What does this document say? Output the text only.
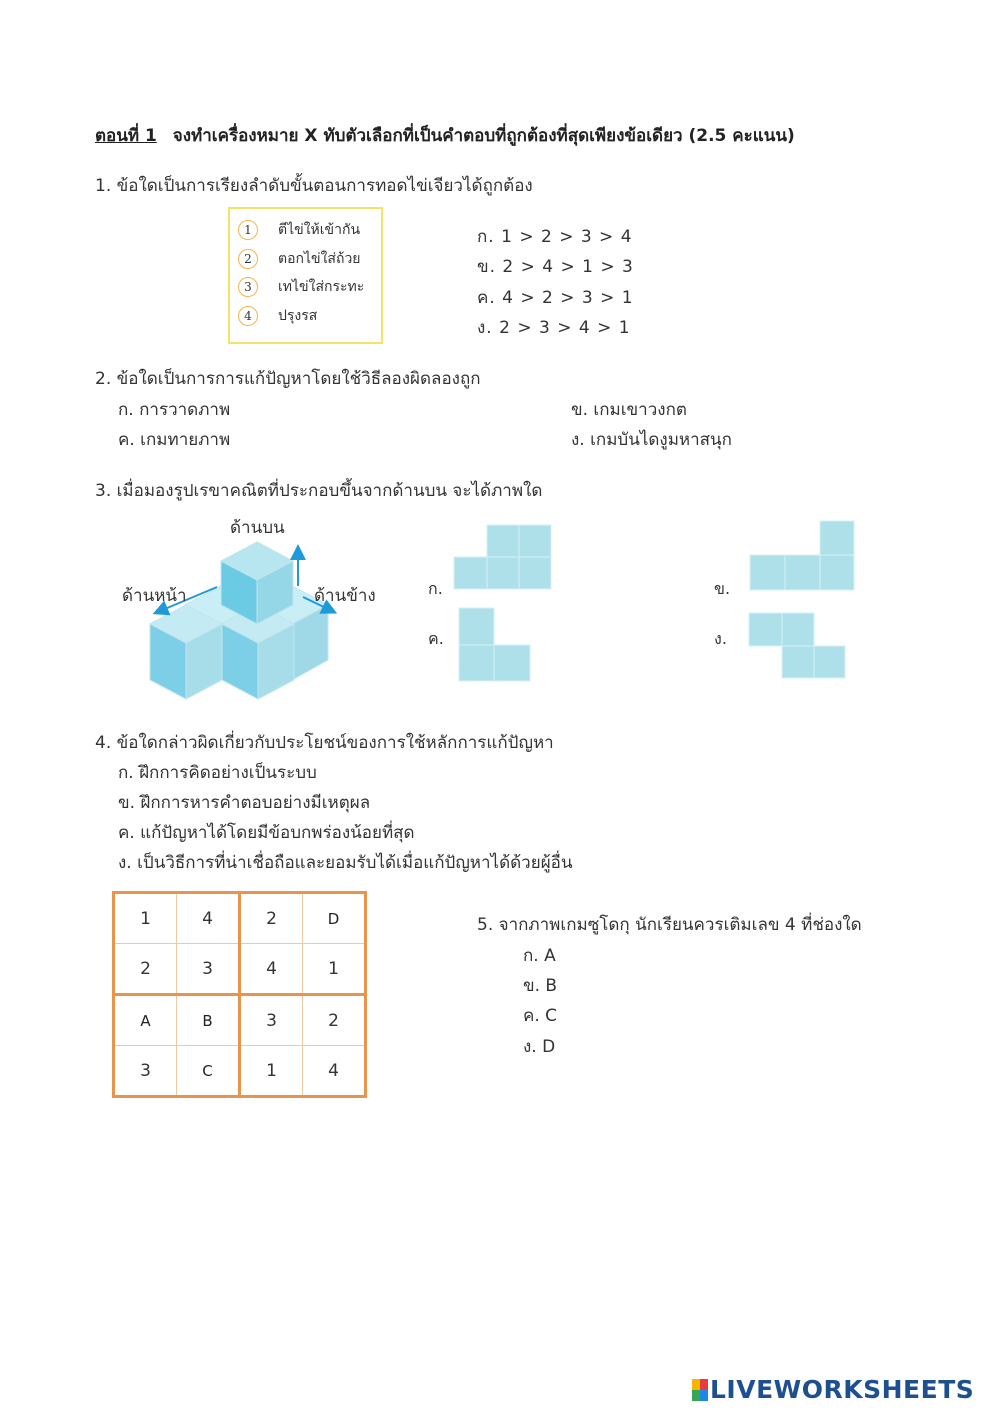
ตอนที่ 1 จงทำเครื่องหมาย X ทับตัวเลือกที่เป็นคำตอบที่ถูกต้องที่สุดเพียงข้อเดียว (2.5 คะแนน)
1. ข้อใดเป็นการเรียงลำดับขั้นตอนการทอดไข่เจียวได้ถูกต้อง
1	ตีไข่ให้เข้ากัน
2	ตอกไข่ใส่ถ้วย
3	เทไข่ใส่กระทะ
4	ปรุงรส
ก. 1 > 2 > 3 > 4
ข. 2 > 4 > 1 > 3
ค. 4 > 2 > 3 > 1
ง. 2 > 3 > 4 > 1
2. ข้อใดเป็นการการแก้ปัญหาโดยใช้วิธีลองผิดลองถูก
ก. การวาดภาพ	ข. เกมเขาวงกต
ค. เกมทายภาพ	ง. เกมบันไดงูมหาสนุก
3. เมื่อมองรูปเรขาคณิตที่ประกอบขึ้นจากด้านบน จะได้ภาพใด
ด้านบน
ด้านหน้า	ด้านข้าง	ก.	ข.
ค.	ง.
4. ข้อใดกล่าวผิดเกี่ยวกับประโยชน์ของการใช้หลักการแก้ปัญหา
ก. ฝึกการคิดอย่างเป็นระบบ
ข. ฝึกการหารคำตอบอย่างมีเหตุผล
ค. แก้ปัญหาได้โดยมีข้อบกพร่องน้อยที่สุด
ง. เป็นวิธีการที่น่าเชื่อถือและยอมรับได้เมื่อแก้ปัญหาได้ด้วยผู้อื่น
1	4	2	D
2	3	4	1
A	B	3	2
3	C	1	4
5. จากภาพเกมซูโดกุ นักเรียนควรเติมเลข 4 ที่ช่องใด
ก. A
ข. B
ค. C
ง. D
LIVEWORKSHEETS
